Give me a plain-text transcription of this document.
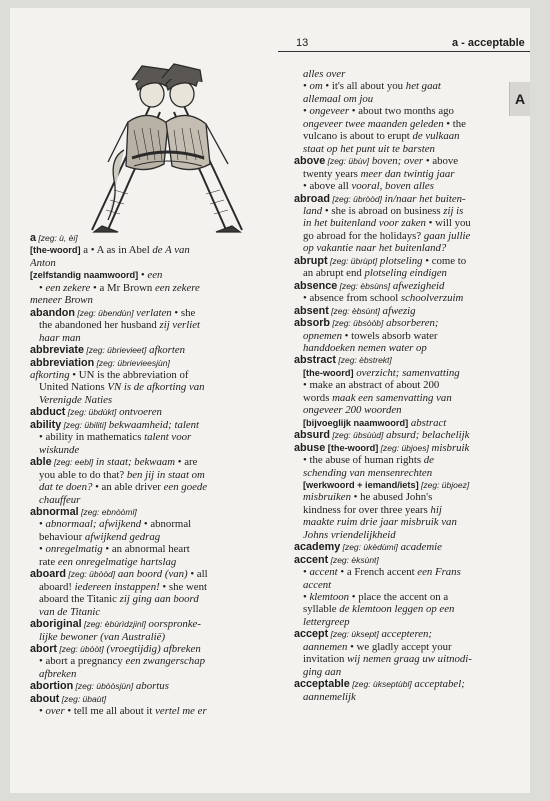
13	a - acceptable
A
a [zeg: ù, èi]
[the-woord] a • A as in Abel de A van
Anton
[zelfstandig naamwoord] • een
• een zekere • a Mr Brown een zekere
meneer Brown
abandon [zeg: übendùn] verlaten • she
the abandoned her husband zij verliet
haar man
abbreviate [zeg: übrievieet] afkorten
abbreviation [zeg: übrievieesjùn]
afkorting • UN is the abbreviation of
United Nations VN is de afkorting van
Verenigde Naties
abduct [zeg: übdùkt] ontvoeren
ability [zeg: übiliti] bekwaamheid; talent
• ability in mathematics talent voor
wiskunde
able [zeg: eebl] in staat; bekwaam • are
you able to do that? ben jij in staat om
dat te doen? • an able driver een goede
chauffeur
abnormal [zeg: ebnòòml]
• abnormaal; afwijkend • abnormal
behaviour afwijkend gedrag
• onregelmatig • an abnormal heart
rate een onregelmatige hartslag
aboard [zeg: übòòd] aan boord (van) • all
aboard! iedereen instappen! • she went
aboard the Titanic zij ging aan boord
van de Titanic
aboriginal [zeg: èbùrìdzjinl] oorspronke-
lijke bewoner (van Australië)
abort [zeg: ùbòòt] (vroegtijdig) afbreken
• abort a pregnancy een zwangerschap
afbreken
abortion [zeg: ùbòòsjùn] abortus
about [zeg: übaùt]
• over • tell me all about it vertel me er
alles over
• om • it's all about you het gaat
allemaal om jou
• ongeveer • about two months ago
ongeveer twee maanden geleden • the
vulcano is about to erupt de vulkaan
staat op het punt uit te barsten
above [zeg: übùv] boven; over • above
twenty years meer dan twintig jaar
• above all vooral, boven alles
abroad [zeg: übròòd] in/naar het buiten-
land • she is abroad on business zij is
in het buitenland voor zaken • will you
go abroad for the holidays? gaan jullie
op vakantie naar het buitenland?
abrupt [zeg: übrùpt] plotseling • come to
an abrupt end plotseling eindigen
absence [zeg: èbsùns] afwezigheid
• absence from school schoolverzuim
absent [zeg: èbsùnt] afwezig
absorb [zeg: übsòòb] absorberen;
opnemen • towels absorb water
handdoeken nemen water op
abstract [zeg: èbstrekt]
[the-woord] overzicht; samenvatting
• make an abstract of about 200
words maak een samenvatting van
ongeveer 200 woorden
[bijvoeglijk naamwoord] abstract
absurd [zeg: übsùùd] absurd; belachelijk
abuse [the-woord] [zeg: übjoes] misbruik
• the abuse of human rights de
schending van mensenrechten
[werkwoord + iemand/iets] [zeg: übjoez]
misbruiken • he abused John's
kindness for over three years hij
maakte ruim drie jaar misbruik van
Johns vriendelijkheid
academy [zeg: ùkèdùmi] academie
accent [zeg: èksùnt]
• accent • a French accent een Frans
accent
• klemtoon • place the accent on a
syllable de klemtoon leggen op een
lettergreep
accept [zeg: ùksept] accepteren;
aannemen • we gladly accept your
invitation wij nemen graag uw uitnodi-
ging aan
acceptable [zeg: ùkseptùbl] acceptabel;
aannemelijk
